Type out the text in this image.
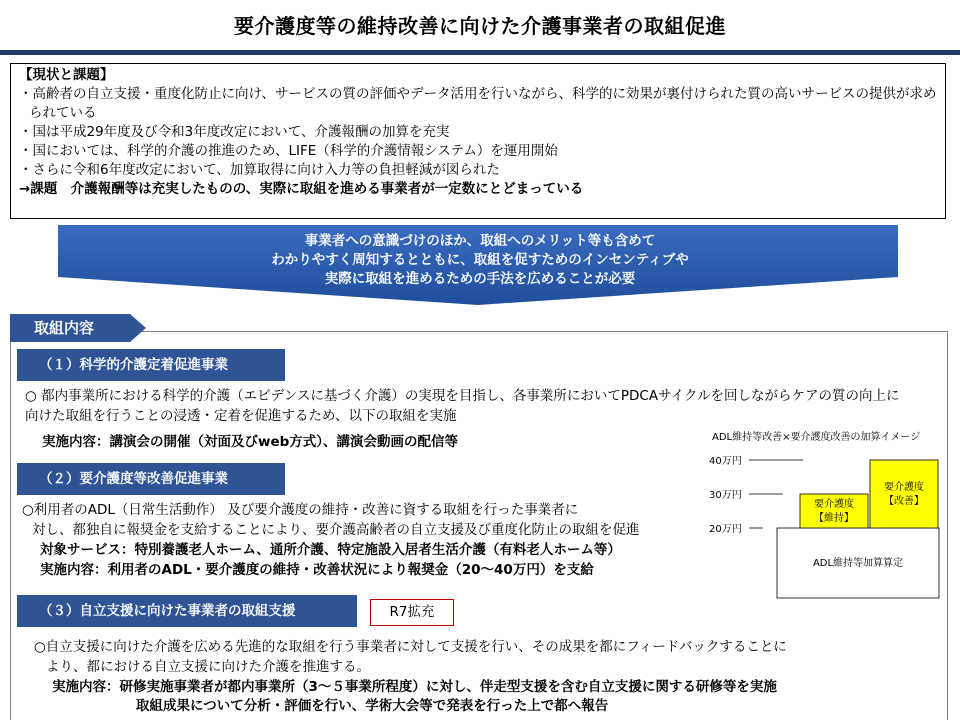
要介護度等の維持改善に向けた介護事業者の取組促進
【現状と課題】
・高齢者の自立支援・重度化防止に向け、サービスの質の評価やデータ活用を行いながら、科学的に効果が裏付けられた質の高いサービスの提供が求められている
・国は平成29年度及び令和3年度改定において、介護報酬の加算を充実
・国においては、科学的介護の推進のため、LIFE（科学的介護情報システム）を運用開始
・さらに令和6年度改定において、加算取得に向け入力等の負担軽減が図られた
→課題　介護報酬等は充実したものの、実際に取組を進める事業者が一定数にとどまっている
事業者への意識づけのほか、取組へのメリット等も含めて
わかりやすく周知するとともに、取組を促すためのインセンティブや
実際に取組を進めるための手法を広めることが必要
取組内容
（１）科学的介護定着促進事業
○ 都内事業所における科学的介護（エビデンスに基づく介護）の実現を目指し、各事業所においてPDCAサイクルを回しながらケアの質の向上に
向けた取組を行うことの浸透・定着を促進するため、以下の取組を実施
実施内容：講演会の開催（対面及びweb方式）、講演会動画の配信等
（２）要介護度等改善促進事業
○利用者のADL（日常生活動作） 及び要介護度の維持・改善に資する取組を行った事業者に
対し、都独自に報奨金を支給することにより、要介護高齢者の自立支援及び重度化防止の取組を促進
対象サービス：特別養護老人ホーム、通所介護、特定施設入居者生活介護（有料老人ホーム等）
実施内容：利用者のADL・要介護度の維持・改善状況により報奨金（20～40万円）を支給
ADL維持等改善×要介護度改善の加算イメージ
20万円
30万円
40万円
ADL維持等加算算定
要介護度
【維持】
要介護度
【改善】
（３）自立支援に向けた事業者の取組支援	R7拡充
○自立支援に向けた介護を広める先進的な取組を行う事業者に対して支援を行い、その成果を都にフィードバックすることに
より、都における自立支援に向けた介護を推進する。
実施内容：研修実施事業者が都内事業所（3～５事業所程度）に対し、伴走型支援を含む自立支援に関する研修等を実施
取組成果について分析・評価を行い、学術大会等で発表を行った上で都へ報告
